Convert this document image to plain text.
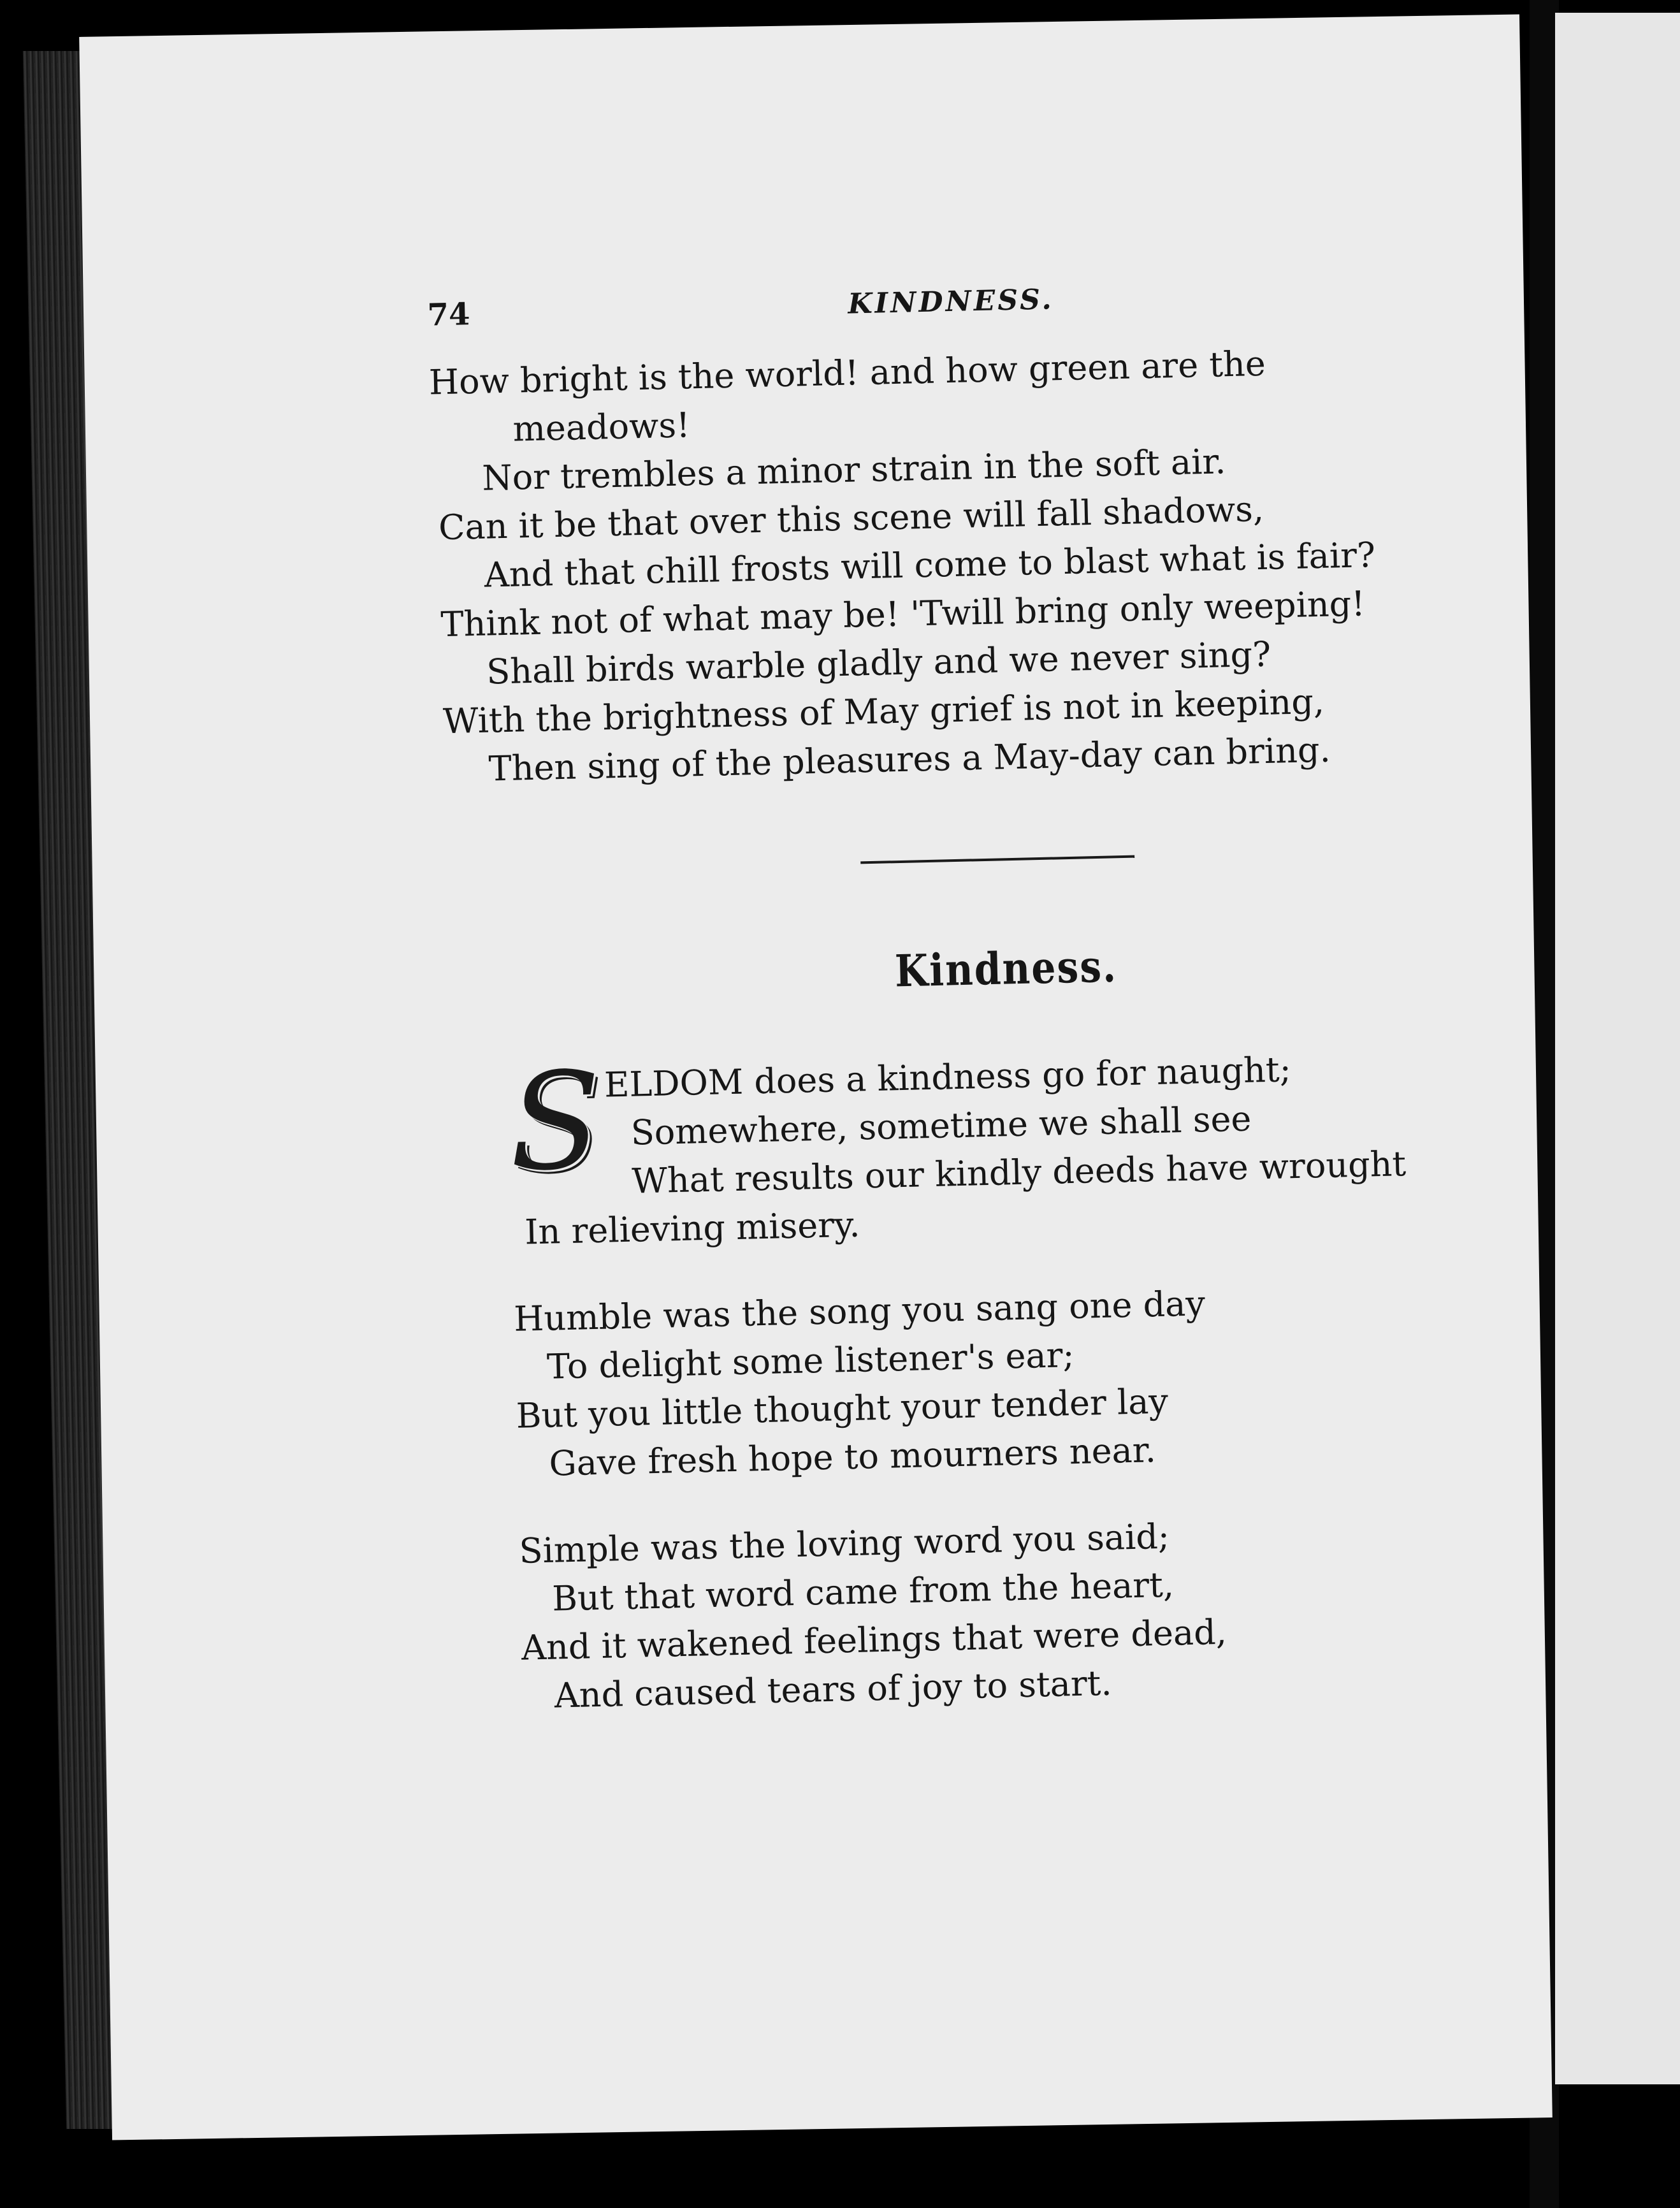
74	KINDNESS.
How bright is the world! and how green are the
meadows!
Nor trembles a minor strain in the soft air.
Can it be that over this scene will fall shadows,
And that chill frosts will come to blast what is fair?
Think not of what may be! 'Twill bring only weeping!
Shall birds warble gladly and we never sing?
With the brightness of May grief is not in keeping,
Then sing of the pleasures a May-day can bring.
Kindness.
S ELDOM does a kindness go for naught;
Somewhere, sometime we shall see
What results our kindly deeds have wrought
In relieving misery.
Humble was the song you sang one day
To delight some listener's ear;
But you little thought your tender lay
Gave fresh hope to mourners near.
Simple was the loving word you said;
But that word came from the heart,
And it wakened feelings that were dead,
And caused tears of joy to start.
